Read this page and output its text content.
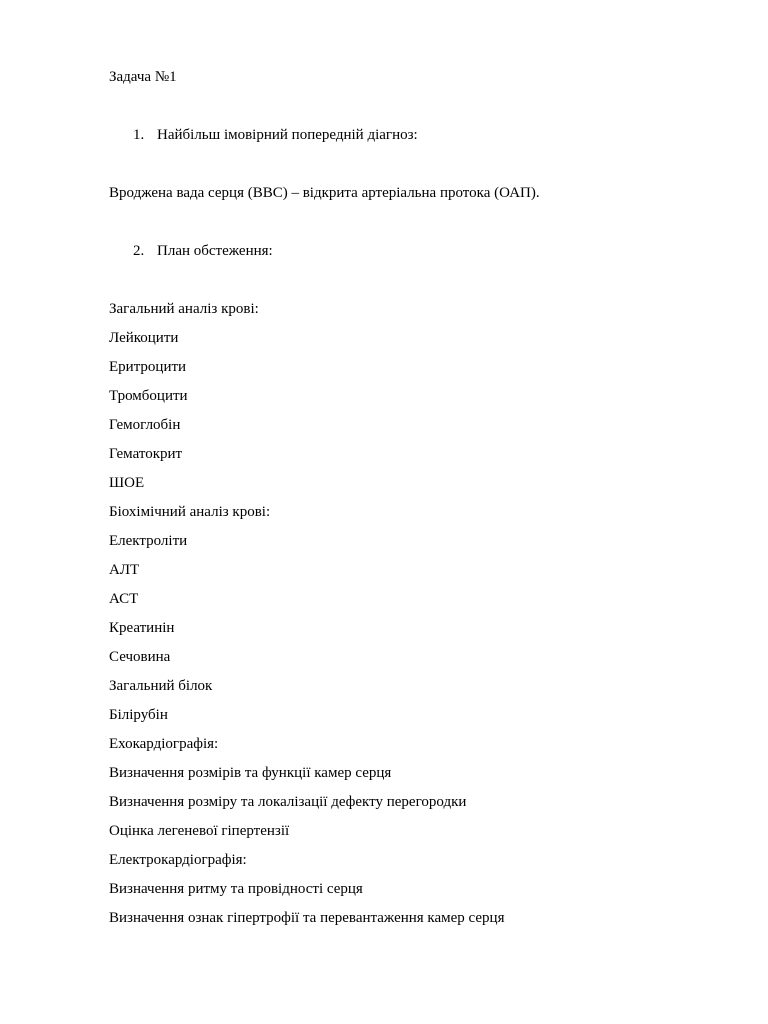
Задача №1
1. Найбільш імовірний попередній діагноз:
Вроджена вада серця (ВВС) – відкрита артеріальна протока (ОАП).
2. План обстеження:
Загальний аналіз крові:
Лейкоцити
Еритроцити
Тромбоцити
Гемоглобін
Гематокрит
ШОЕ
Біохімічний аналіз крові:
Електроліти
АЛТ
АСТ
Креатинін
Сечовина
Загальний білок
Білірубін
Ехокардіографія:
Визначення розмірів та функції камер серця
Визначення розміру та локалізації дефекту перегородки
Оцінка легеневої гіпертензії
Електрокардіографія:
Визначення ритму та провідності серця
Визначення ознак гіпертрофії та перевантаження камер серця
